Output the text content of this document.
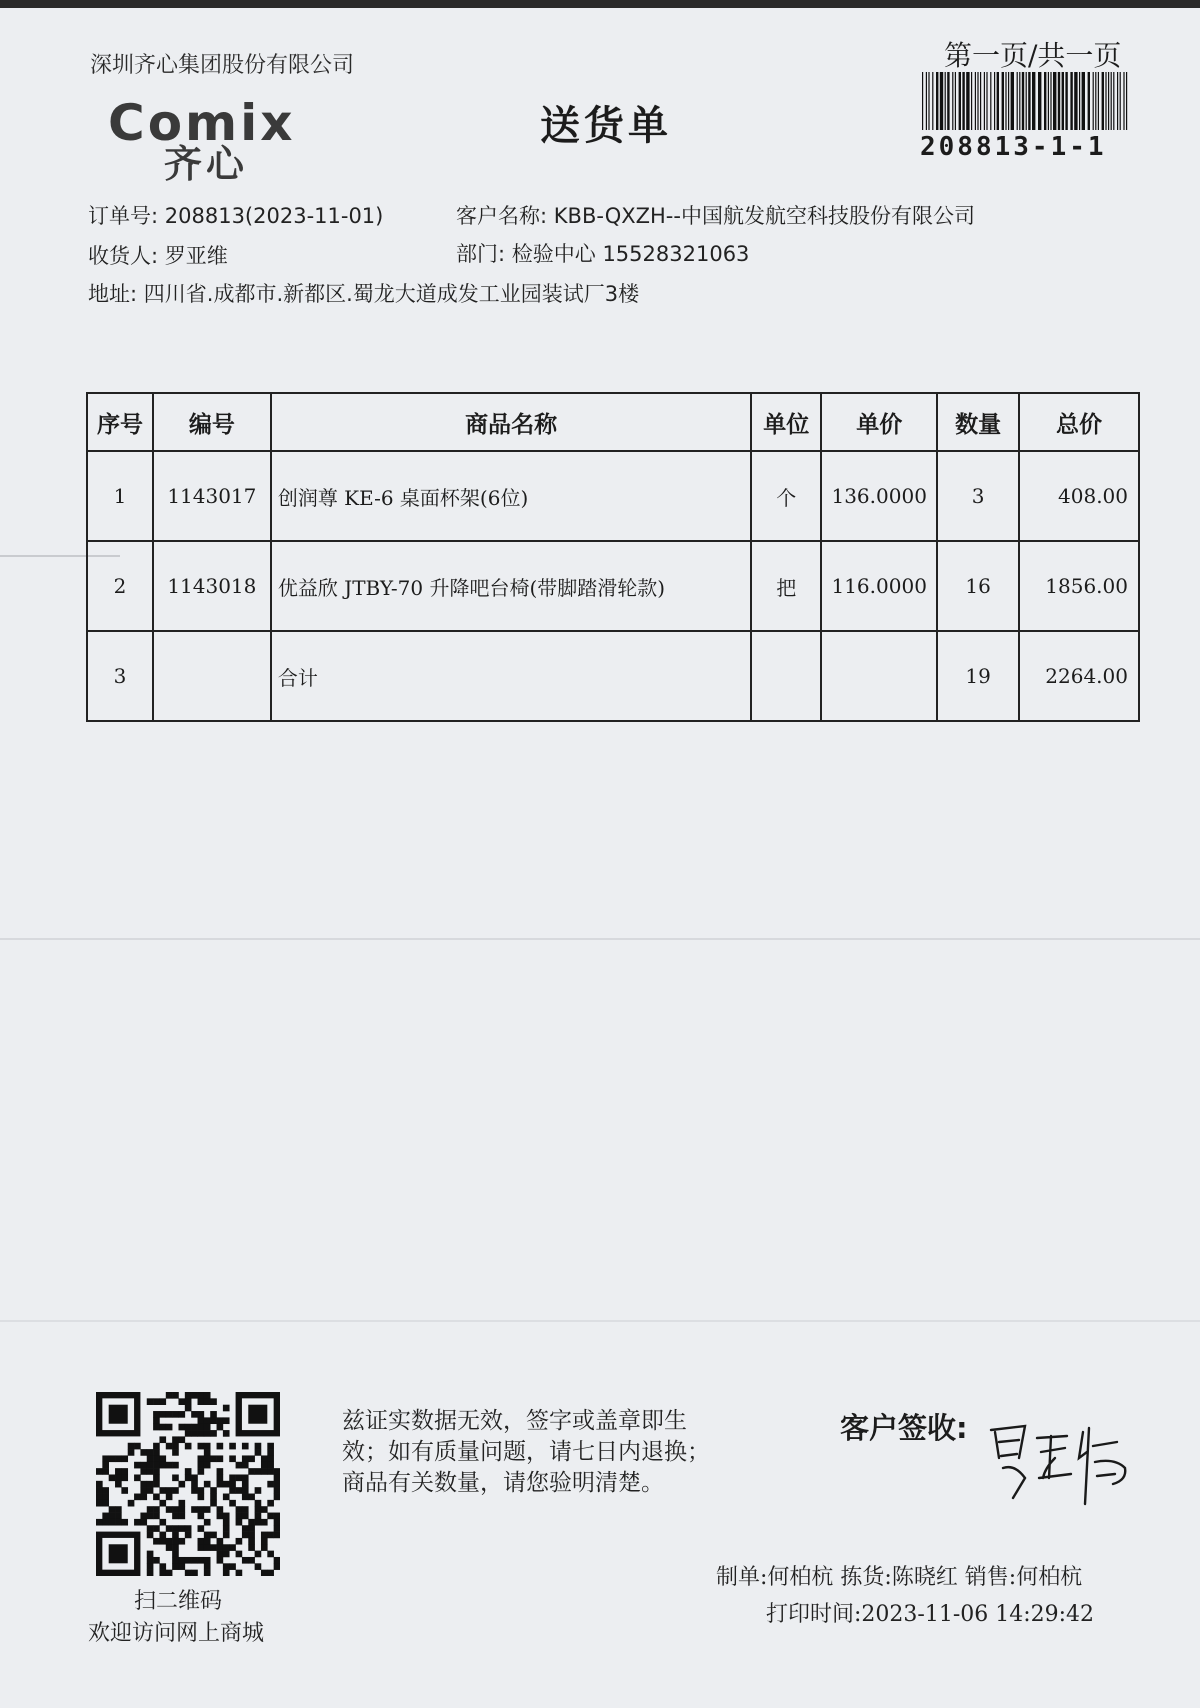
深圳齐心集团股份有限公司
Comix
齐心
送货单
第一页/共一页
208813-1-1
订单号: 208813(2023-11-01)	客户名称: KBB-QXZH--中国航发航空科技股份有限公司
收货人: 罗亚维	部门: 检验中心 15528321063
地址: 四川省.成都市.新都区.蜀龙大道成发工业园装试厂3楼
序号	编号	商品名称	单位	单价	数量	总价
1	1143017	创润尊 KE-6 桌面杯架(6位)	个	136.0000	3	408.00
2	1143018	优益欣 JTBY-70 升降吧台椅(带脚踏滑轮款)	把	116.0000	16	1856.00
3		合计			19	2264.00
扫二维码
欢迎访问网上商城
兹证实数据无效，签字或盖章即生
效；如有质量问题，请七日内退换；
商品有关数量，请您验明清楚。
客户签收:
制单:何柏杭 拣货:陈晓红 销售:何柏杭
打印时间:2023-11-06 14:29:42
